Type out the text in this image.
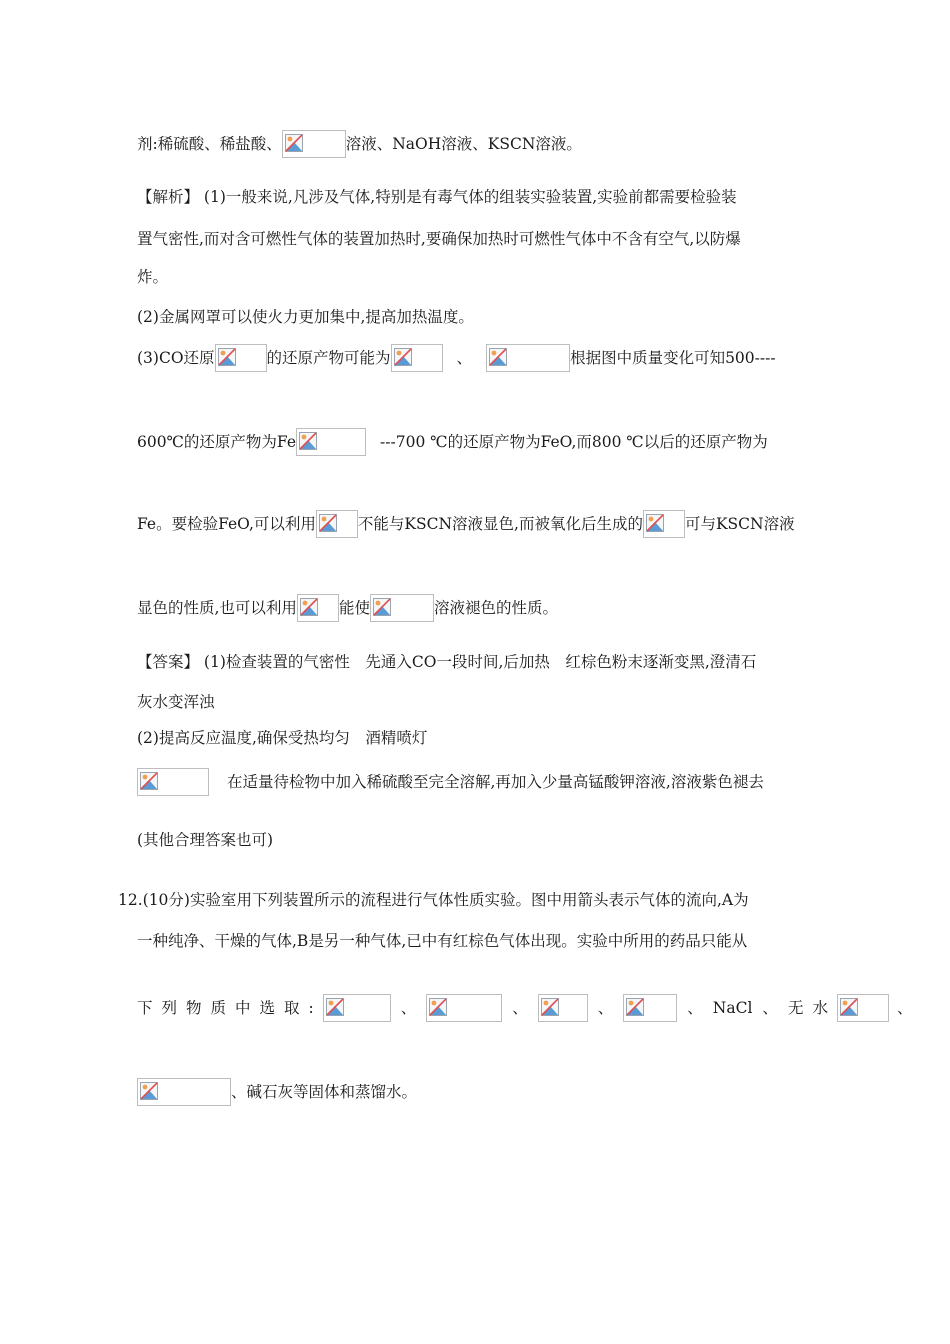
剂:稀硫酸、稀盐酸、	溶液、NaOH溶液、KSCN溶液。
【解析】 (1)一般来说,凡涉及气体,特别是有毒气体的组装实验装置,实验前都需要检验装
置气密性,而对含可燃性气体的装置加热时,要确保加热时可燃性气体中不含有空气,以防爆
炸。
(2)金属网罩可以使火力更加集中,提高加热温度。
(3)CO还原	的还原产物可能为	、	根据图中质量变化可知500----
600℃的还原产物为Fe	---700 ℃的还原产物为FeO,而800 ℃以后的还原产物为
Fe。要检验FeO,可以利用	不能与KSCN溶液显色,而被氧化后生成的	可与KSCN溶液
显色的性质,也可以利用	能使	溶液褪色的性质。
【答案】 (1)检查装置的气密性　先通入CO一段时间,后加热　红棕色粉末逐渐变黑,澄清石
灰水变浑浊
(2)提高反应温度,确保受热均匀　酒精喷灯
在适量待检物中加入稀硫酸至完全溶解,再加入少量高锰酸钾溶液,溶液紫色褪去
(其他合理答案也可)
12.(10分)实验室用下列装置所示的流程进行气体性质实验。图中用箭头表示气体的流向,A为
一种纯净、干燥的气体,B是另一种气体,已中有红棕色气体出现。实验中所用的药品只能从
下列物质中选取:	、	、	、	、 NaCl 、 无水	、
、碱石灰等固体和蒸馏水。
